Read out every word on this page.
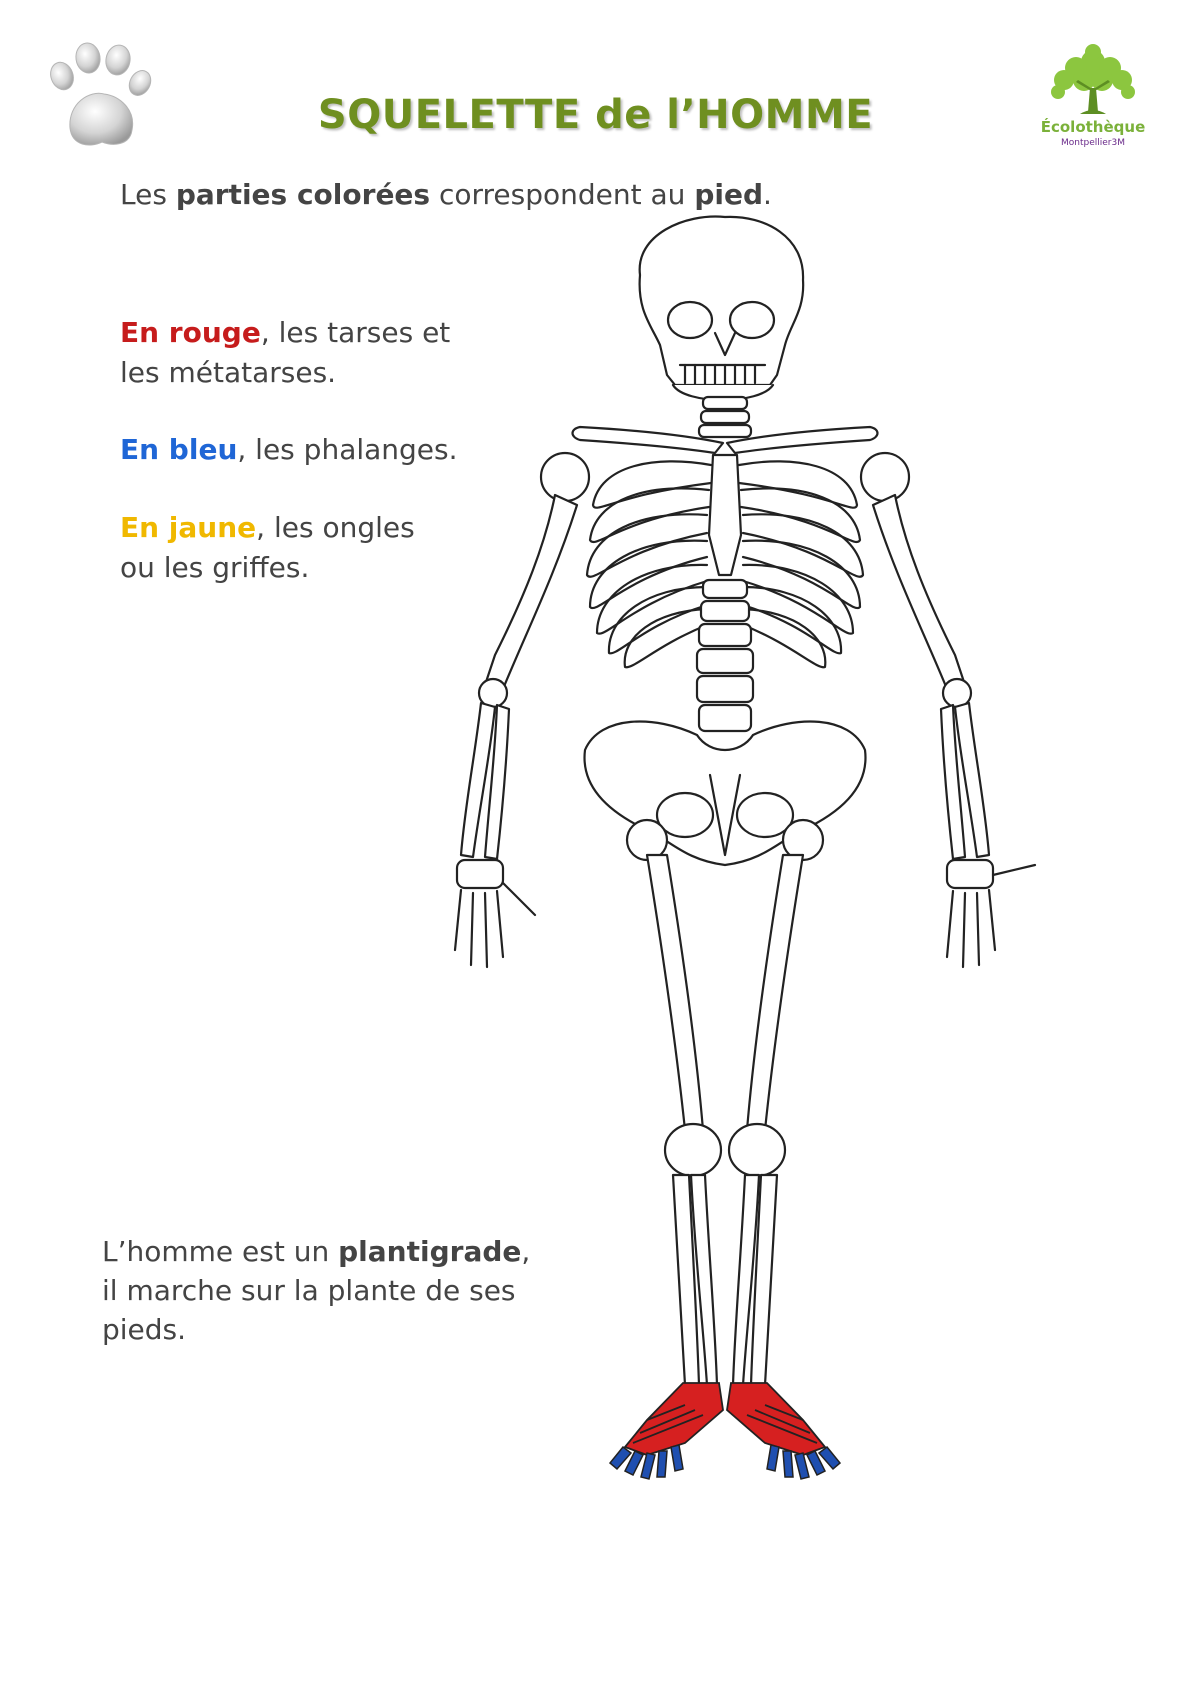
SQUELETTE de l’HOMME	Écolothèque
Montpellier3M
Les parties colorées correspondent au pied.
En rouge, les tarses et
les métatarses.
En bleu, les phalanges.
En jaune, les ongles
ou les griffes.
L’homme est un plantigrade,
il marche sur la plante de ses
pieds.
